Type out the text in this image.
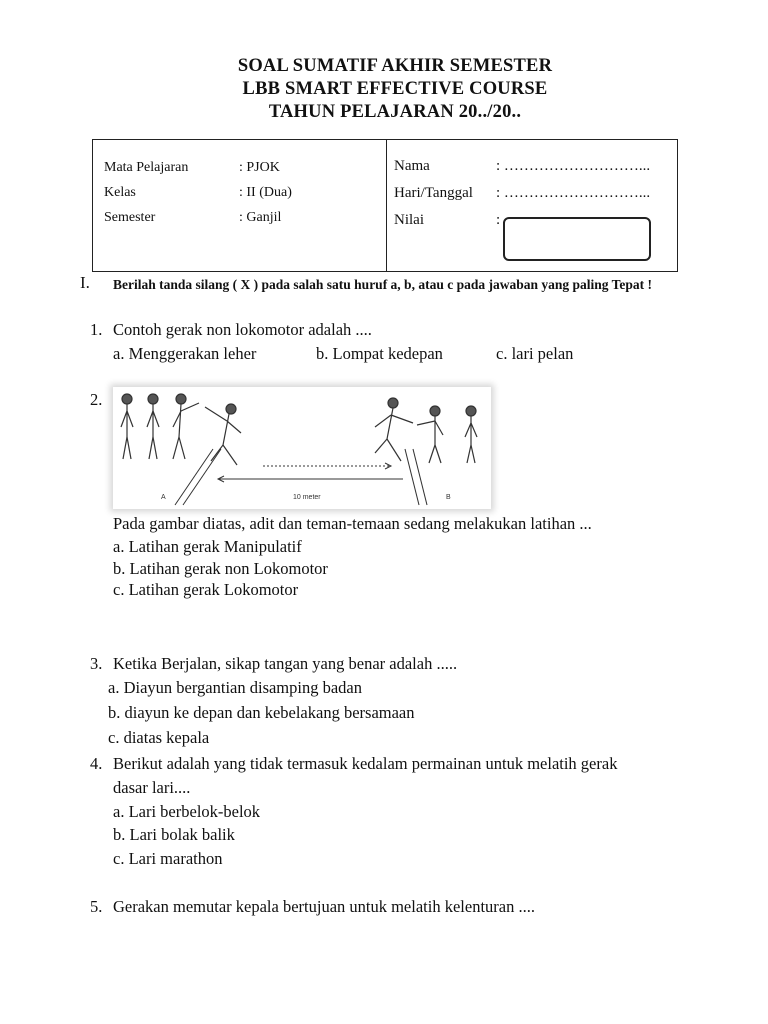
SOAL SUMATIF AKHIR SEMESTER
LBB SMART EFFECTIVE COURSE
TAHUN PELAJARAN 20../20..
Mata Pelajaran	: PJOK
Kelas	: II (Dua)
Semester	: Ganjil
Nama	: ………………………...
Hari/Tanggal : ………………………...
Nilai	:
I. Berilah tanda silang ( X ) pada salah satu huruf a, b, atau c pada jawaban yang paling Tepat !
1. Contoh gerak non lokomotor adalah ....
a. Menggerakan leher	b. Lompat kedepan	c. lari pelan
2.
A	10 meter	B
Pada gambar diatas, adit dan teman-temaan sedang melakukan latihan ...
a. Latihan gerak Manipulatif
b. Latihan gerak non Lokomotor
c. Latihan gerak Lokomotor
3. Ketika Berjalan, sikap tangan yang benar adalah .....
a. Diayun bergantian disamping badan
b. diayun ke depan dan kebelakang bersamaan
c. diatas kepala
4. Berikut adalah yang tidak termasuk kedalam permainan untuk melatih gerak
dasar lari....
a. Lari berbelok-belok
b. Lari bolak balik
c. Lari marathon
5. Gerakan memutar kepala bertujuan untuk melatih kelenturan ....
